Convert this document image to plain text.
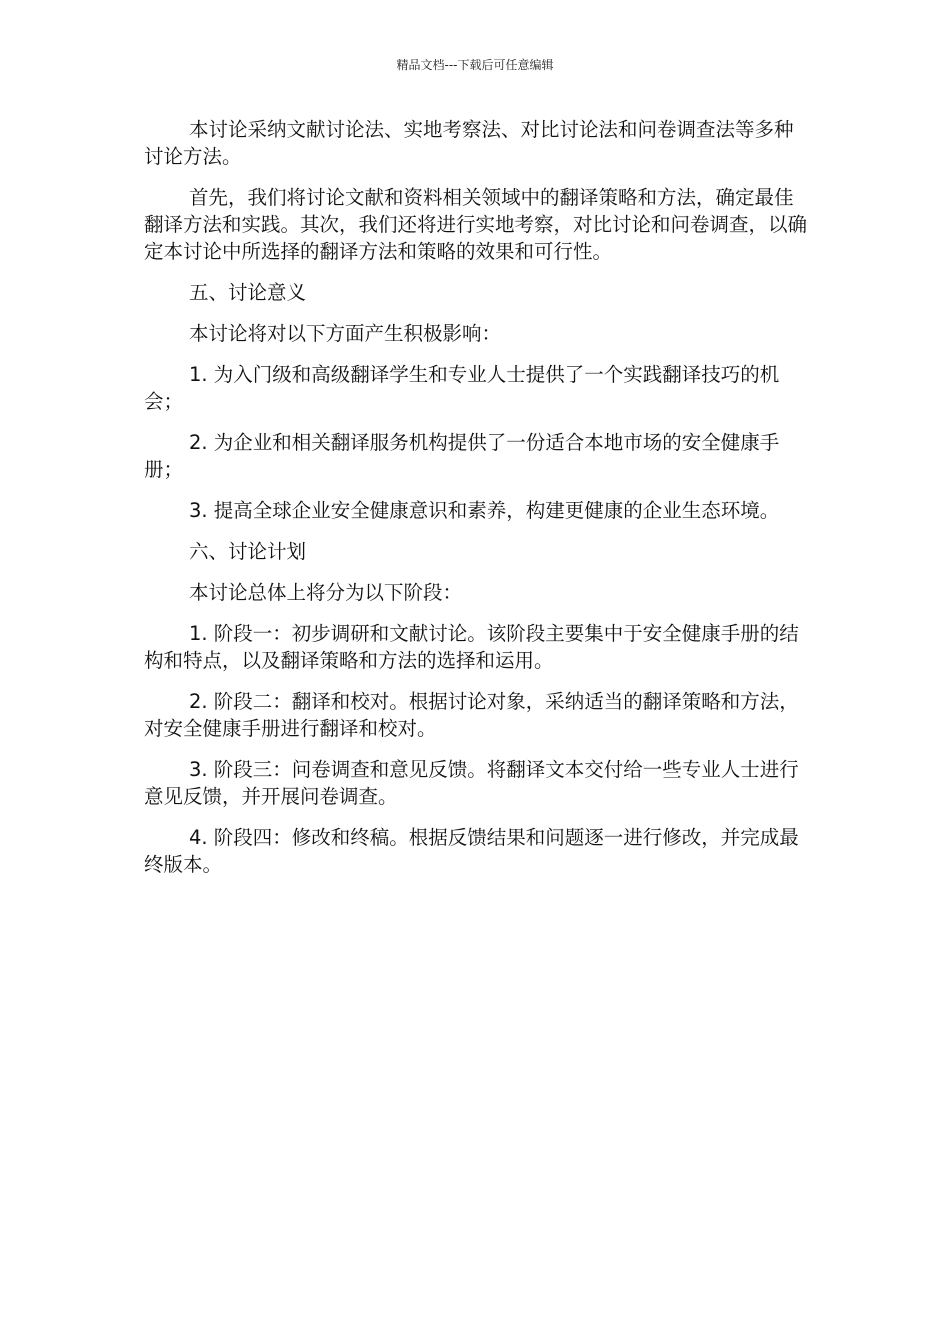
精品文档---下载后可任意编辑

本讨论采纳文献讨论法、实地考察法、对比讨论法和问卷调查法等多种讨论方法。

首先，我们将讨论文献和资料相关领域中的翻译策略和方法，确定最佳翻译方法和实践。其次，我们还将进行实地考察，对比讨论和问卷调查，以确定本讨论中所选择的翻译方法和策略的效果和可行性。

五、讨论意义

本讨论将对以下方面产生积极影响：

1. 为入门级和高级翻译学生和专业人士提供了一个实践翻译技巧的机会；

2. 为企业和相关翻译服务机构提供了一份适合本地市场的安全健康手册；

3. 提高全球企业安全健康意识和素养，构建更健康的企业生态环境。

六、讨论计划

本讨论总体上将分为以下阶段：

1. 阶段一：初步调研和文献讨论。该阶段主要集中于安全健康手册的结构和特点，以及翻译策略和方法的选择和运用。

2. 阶段二：翻译和校对。根据讨论对象，采纳适当的翻译策略和方法，对安全健康手册进行翻译和校对。

3. 阶段三：问卷调查和意见反馈。将翻译文本交付给一些专业人士进行意见反馈，并开展问卷调查。

4. 阶段四：修改和终稿。根据反馈结果和问题逐一进行修改，并完成最终版本。
